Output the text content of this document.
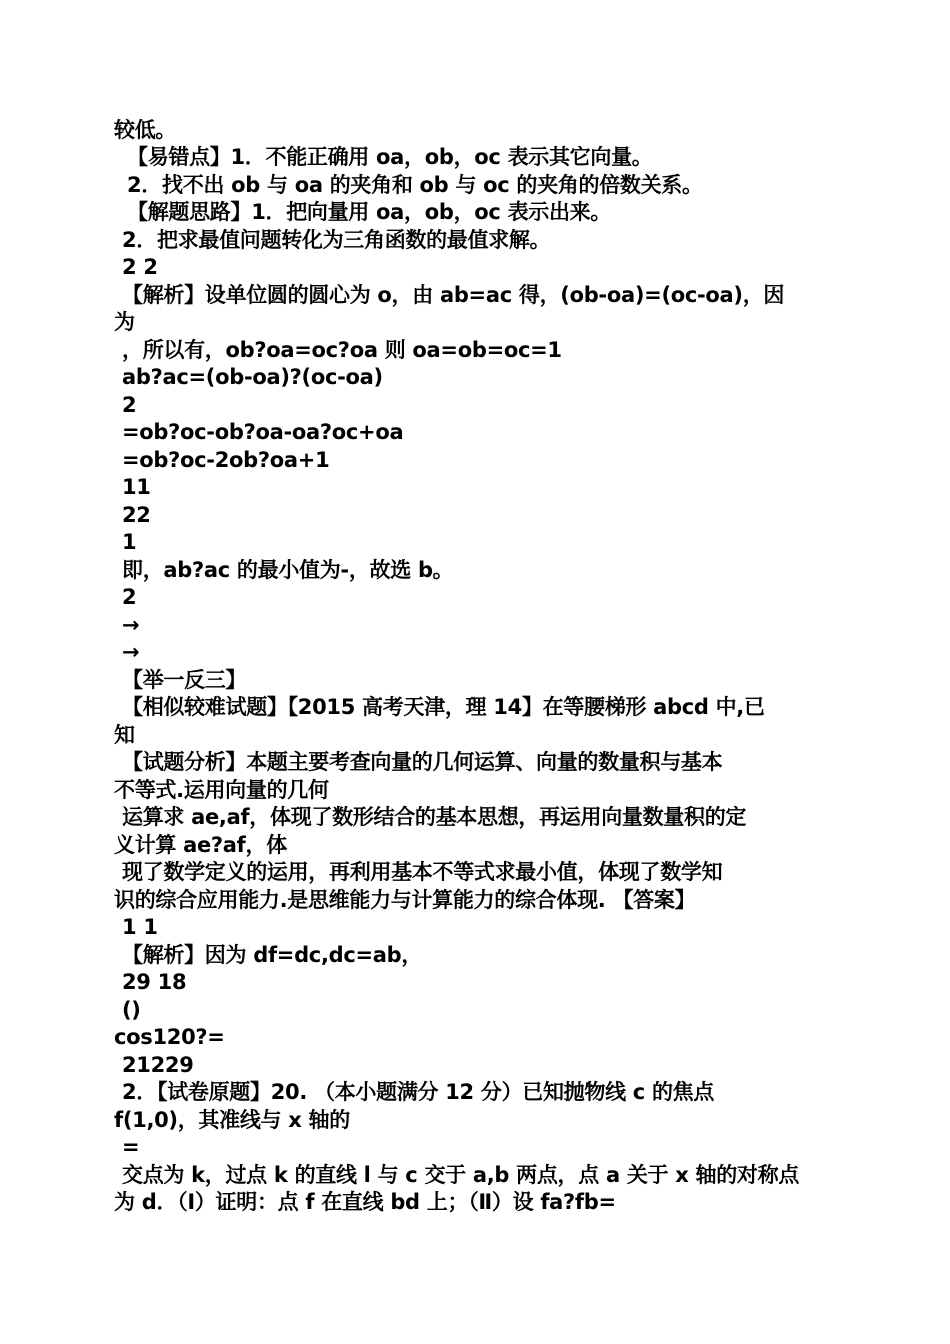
较低。
【易错点】1．不能正确用 oa，ob，oc 表示其它向量。
2．找不出 ob 与 oa 的夹角和 ob 与 oc 的夹角的倍数关系。
【解题思路】1．把向量用 oa，ob，oc 表示出来。
2．把求最值问题转化为三角函数的最值求解。
2 2
【解析】设单位圆的圆心为 o，由 ab=ac 得，(ob-oa)=(oc-oa)，因
为
，所以有，ob?oa=oc?oa 则 oa=ob=oc=1
ab?ac=(ob-oa)?(oc-oa)
2
=ob?oc-ob?oa-oa?oc+oa
=ob?oc-2ob?oa+1
11
22
1
即，ab?ac 的最小值为-，故选 b。
2
→
→
【举一反三】
【相似较难试题】【2015 高考天津，理 14】在等腰梯形 abcd 中,已
知
【试题分析】本题主要考查向量的几何运算、向量的数量积与基本
不等式.运用向量的几何
运算求 ae,af，体现了数形结合的基本思想，再运用向量数量积的定
义计算 ae?af，体
现了数学定义的运用，再利用基本不等式求最小值，体现了数学知
识的综合应用能力.是思维能力与计算能力的综合体现. 【答案】
1 1
【解析】因为 df=dc,dc=ab，
29 18
()
cos120?=
21229
2．【试卷原题】20. （本小题满分 12 分）已知抛物线 c 的焦点
f(1,0)，其准线与 x 轴的
=
交点为 k，过点 k 的直线 l 与 c 交于 a,b 两点，点 a 关于 x 轴的对称点
为 d．（Ⅰ）证明：点 f 在直线 bd 上；（Ⅱ）设 fa?fb=
